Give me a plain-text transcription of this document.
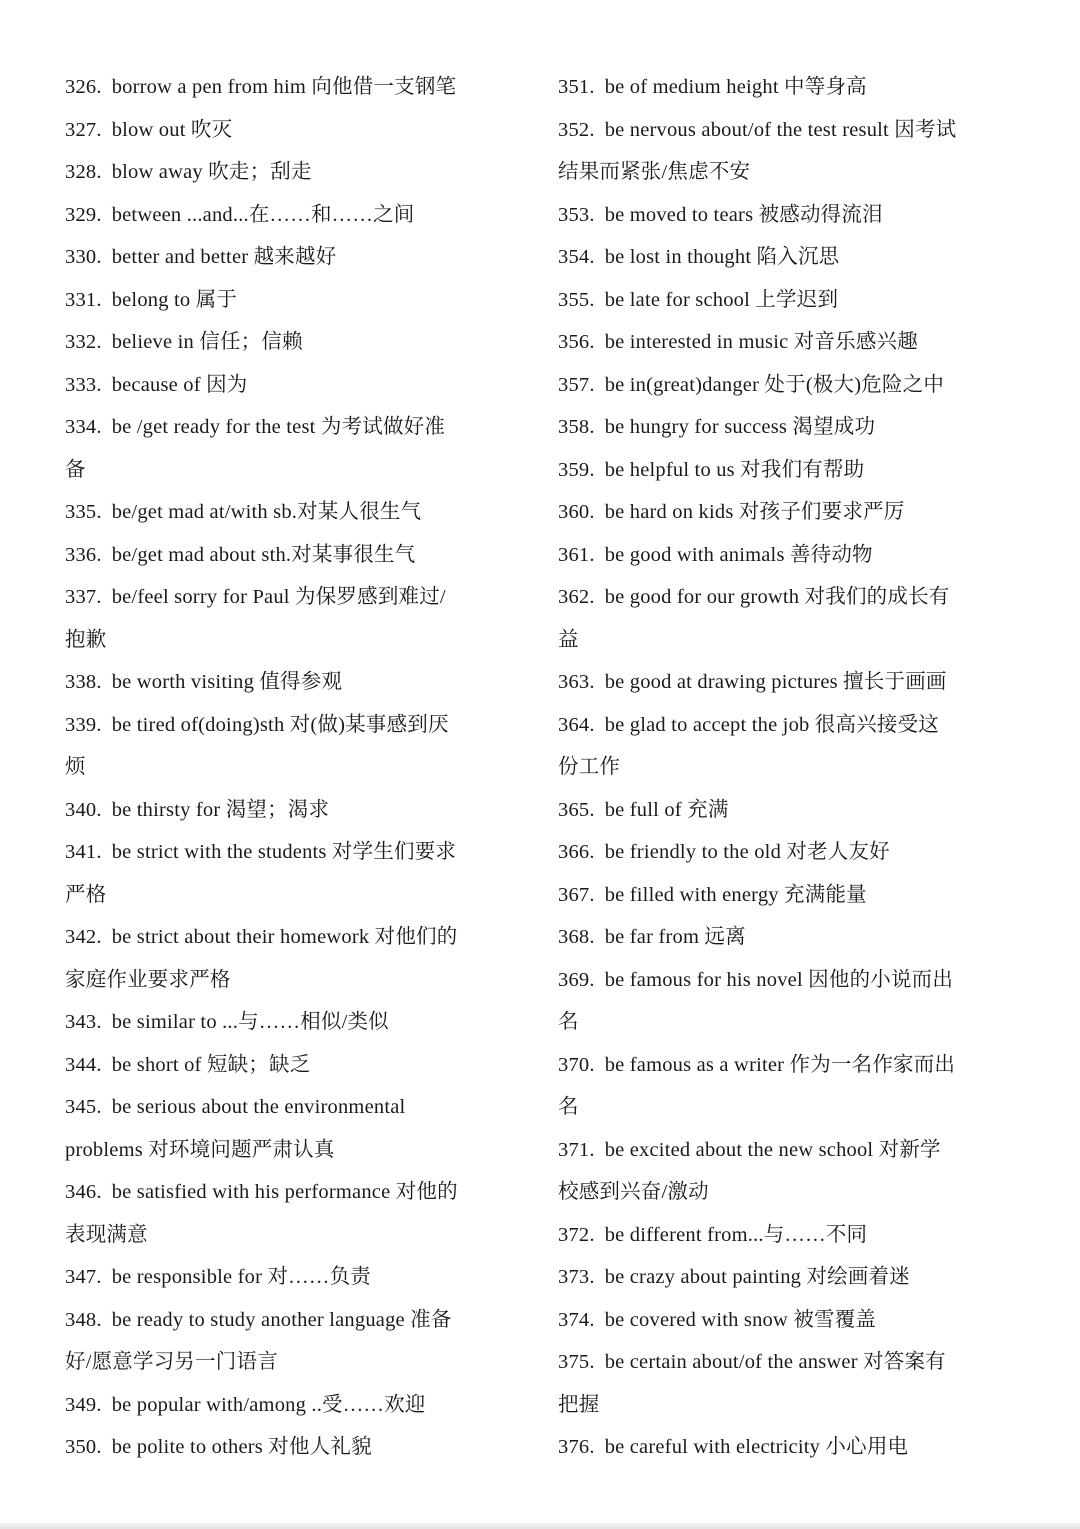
326. borrow a pen from him 向他借一支钢笔
327. blow out 吹灭
328. blow away 吹走；刮走
329. between ...and...在……和……之间
330. better and better 越来越好
331. belong to 属于
332. believe in 信任；信赖
333. because of 因为
334. be /get ready for the test 为考试做好准
备
335. be/get mad at/with sb.对某人很生气
336. be/get mad about sth.对某事很生气
337. be/feel sorry for Paul 为保罗感到难过/
抱歉
338. be worth visiting 值得参观
339. be tired of(doing)sth 对(做)某事感到厌
烦
340. be thirsty for 渴望；渴求
341. be strict with the students 对学生们要求
严格
342. be strict about their homework 对他们的
家庭作业要求严格
343. be similar to ...与……相似/类似
344. be short of 短缺；缺乏
345. be serious about the environmental
problems 对环境问题严肃认真
346. be satisfied with his performance 对他的
表现满意
347. be responsible for 对……负责
348. be ready to study another language 准备
好/愿意学习另一门语言
349. be popular with/among ..受……欢迎
350. be polite to others 对他人礼貌
351. be of medium height 中等身高
352. be nervous about/of the test result 因考试
结果而紧张/焦虑不安
353. be moved to tears 被感动得流泪
354. be lost in thought 陷入沉思
355. be late for school 上学迟到
356. be interested in music 对音乐感兴趣
357. be in(great)danger 处于(极大)危险之中
358. be hungry for success 渴望成功
359. be helpful to us 对我们有帮助
360. be hard on kids 对孩子们要求严厉
361. be good with animals 善待动物
362. be good for our growth 对我们的成长有
益
363. be good at drawing pictures 擅长于画画
364. be glad to accept the job 很高兴接受这
份工作
365. be full of 充满
366. be friendly to the old 对老人友好
367. be filled with energy 充满能量
368. be far from 远离
369. be famous for his novel 因他的小说而出
名
370. be famous as a writer 作为一名作家而出
名
371. be excited about the new school 对新学
校感到兴奋/激动
372. be different from...与……不同
373. be crazy about painting 对绘画着迷
374. be covered with snow 被雪覆盖
375. be certain about/of the answer 对答案有
把握
376. be careful with electricity 小心用电
